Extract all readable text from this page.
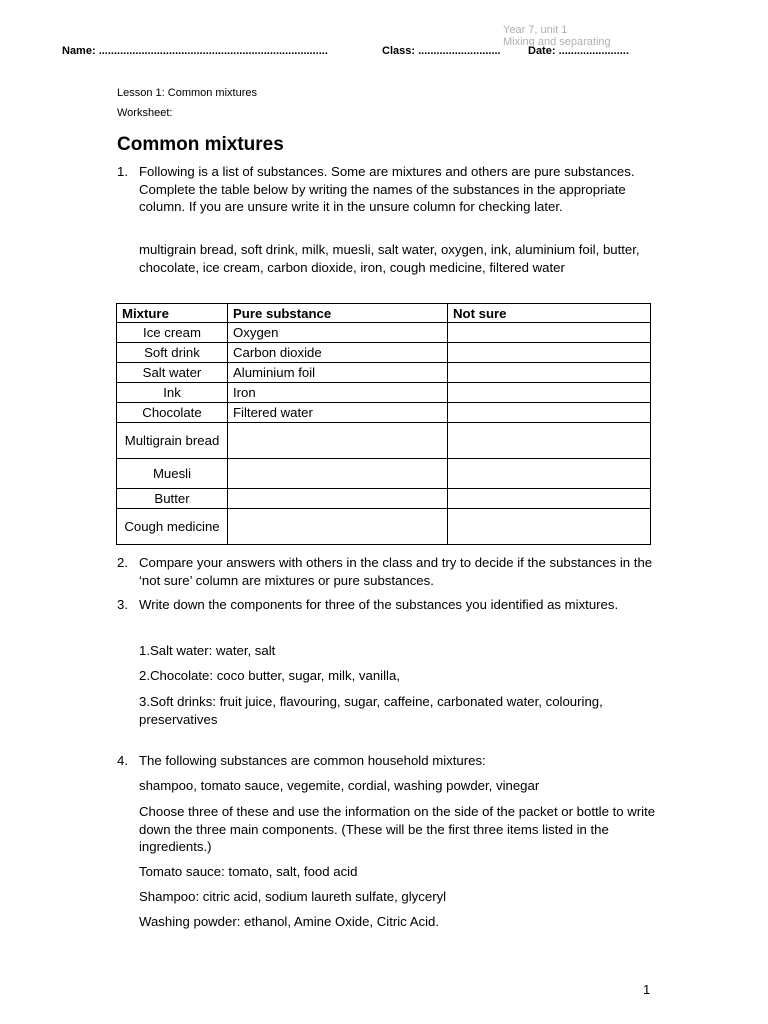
Year 7, unit 1
Mixing and separating
Name: ...........................................................................	Class: ........................... Date: .......................
Lesson 1: Common mixtures
Worksheet:
Common mixtures
1. Following is a list of substances. Some are mixtures and others are pure substances. Complete the table below by writing the names of the substances in the appropriate column. If you are unsure write it in the unsure column for checking later.
multigrain bread, soft drink, milk, muesli, salt water, oxygen, ink, aluminium foil, butter, chocolate, ice cream, carbon dioxide, iron, cough medicine, filtered water
Mixture	Pure substance	Not sure
Ice cream	Oxygen	
Soft drink	Carbon dioxide	
Salt water	Aluminium foil	
Ink	Iron	
Chocolate	Filtered water	
Multigrain bread		
Muesli		
Butter		
Cough medicine		
2. Compare your answers with others in the class and try to decide if the substances in the ‘not sure’ column are mixtures or pure substances.
3. Write down the components for three of the substances you identified as mixtures.
1.Salt water: water, salt
2.Chocolate: coco butter, sugar, milk, vanilla,
3.Soft drinks: fruit juice, flavouring, sugar, caffeine, carbonated water, colouring, preservatives
4. The following substances are common household mixtures:
shampoo, tomato sauce, vegemite, cordial, washing powder, vinegar
Choose three of these and use the information on the side of the packet or bottle to write down the three main components. (These will be the first three items listed in the ingredients.)
Tomato sauce: tomato, salt, food acid
Shampoo: citric acid, sodium laureth sulfate, glyceryl
Washing powder: ethanol, Amine Oxide, Citric Acid.
1
